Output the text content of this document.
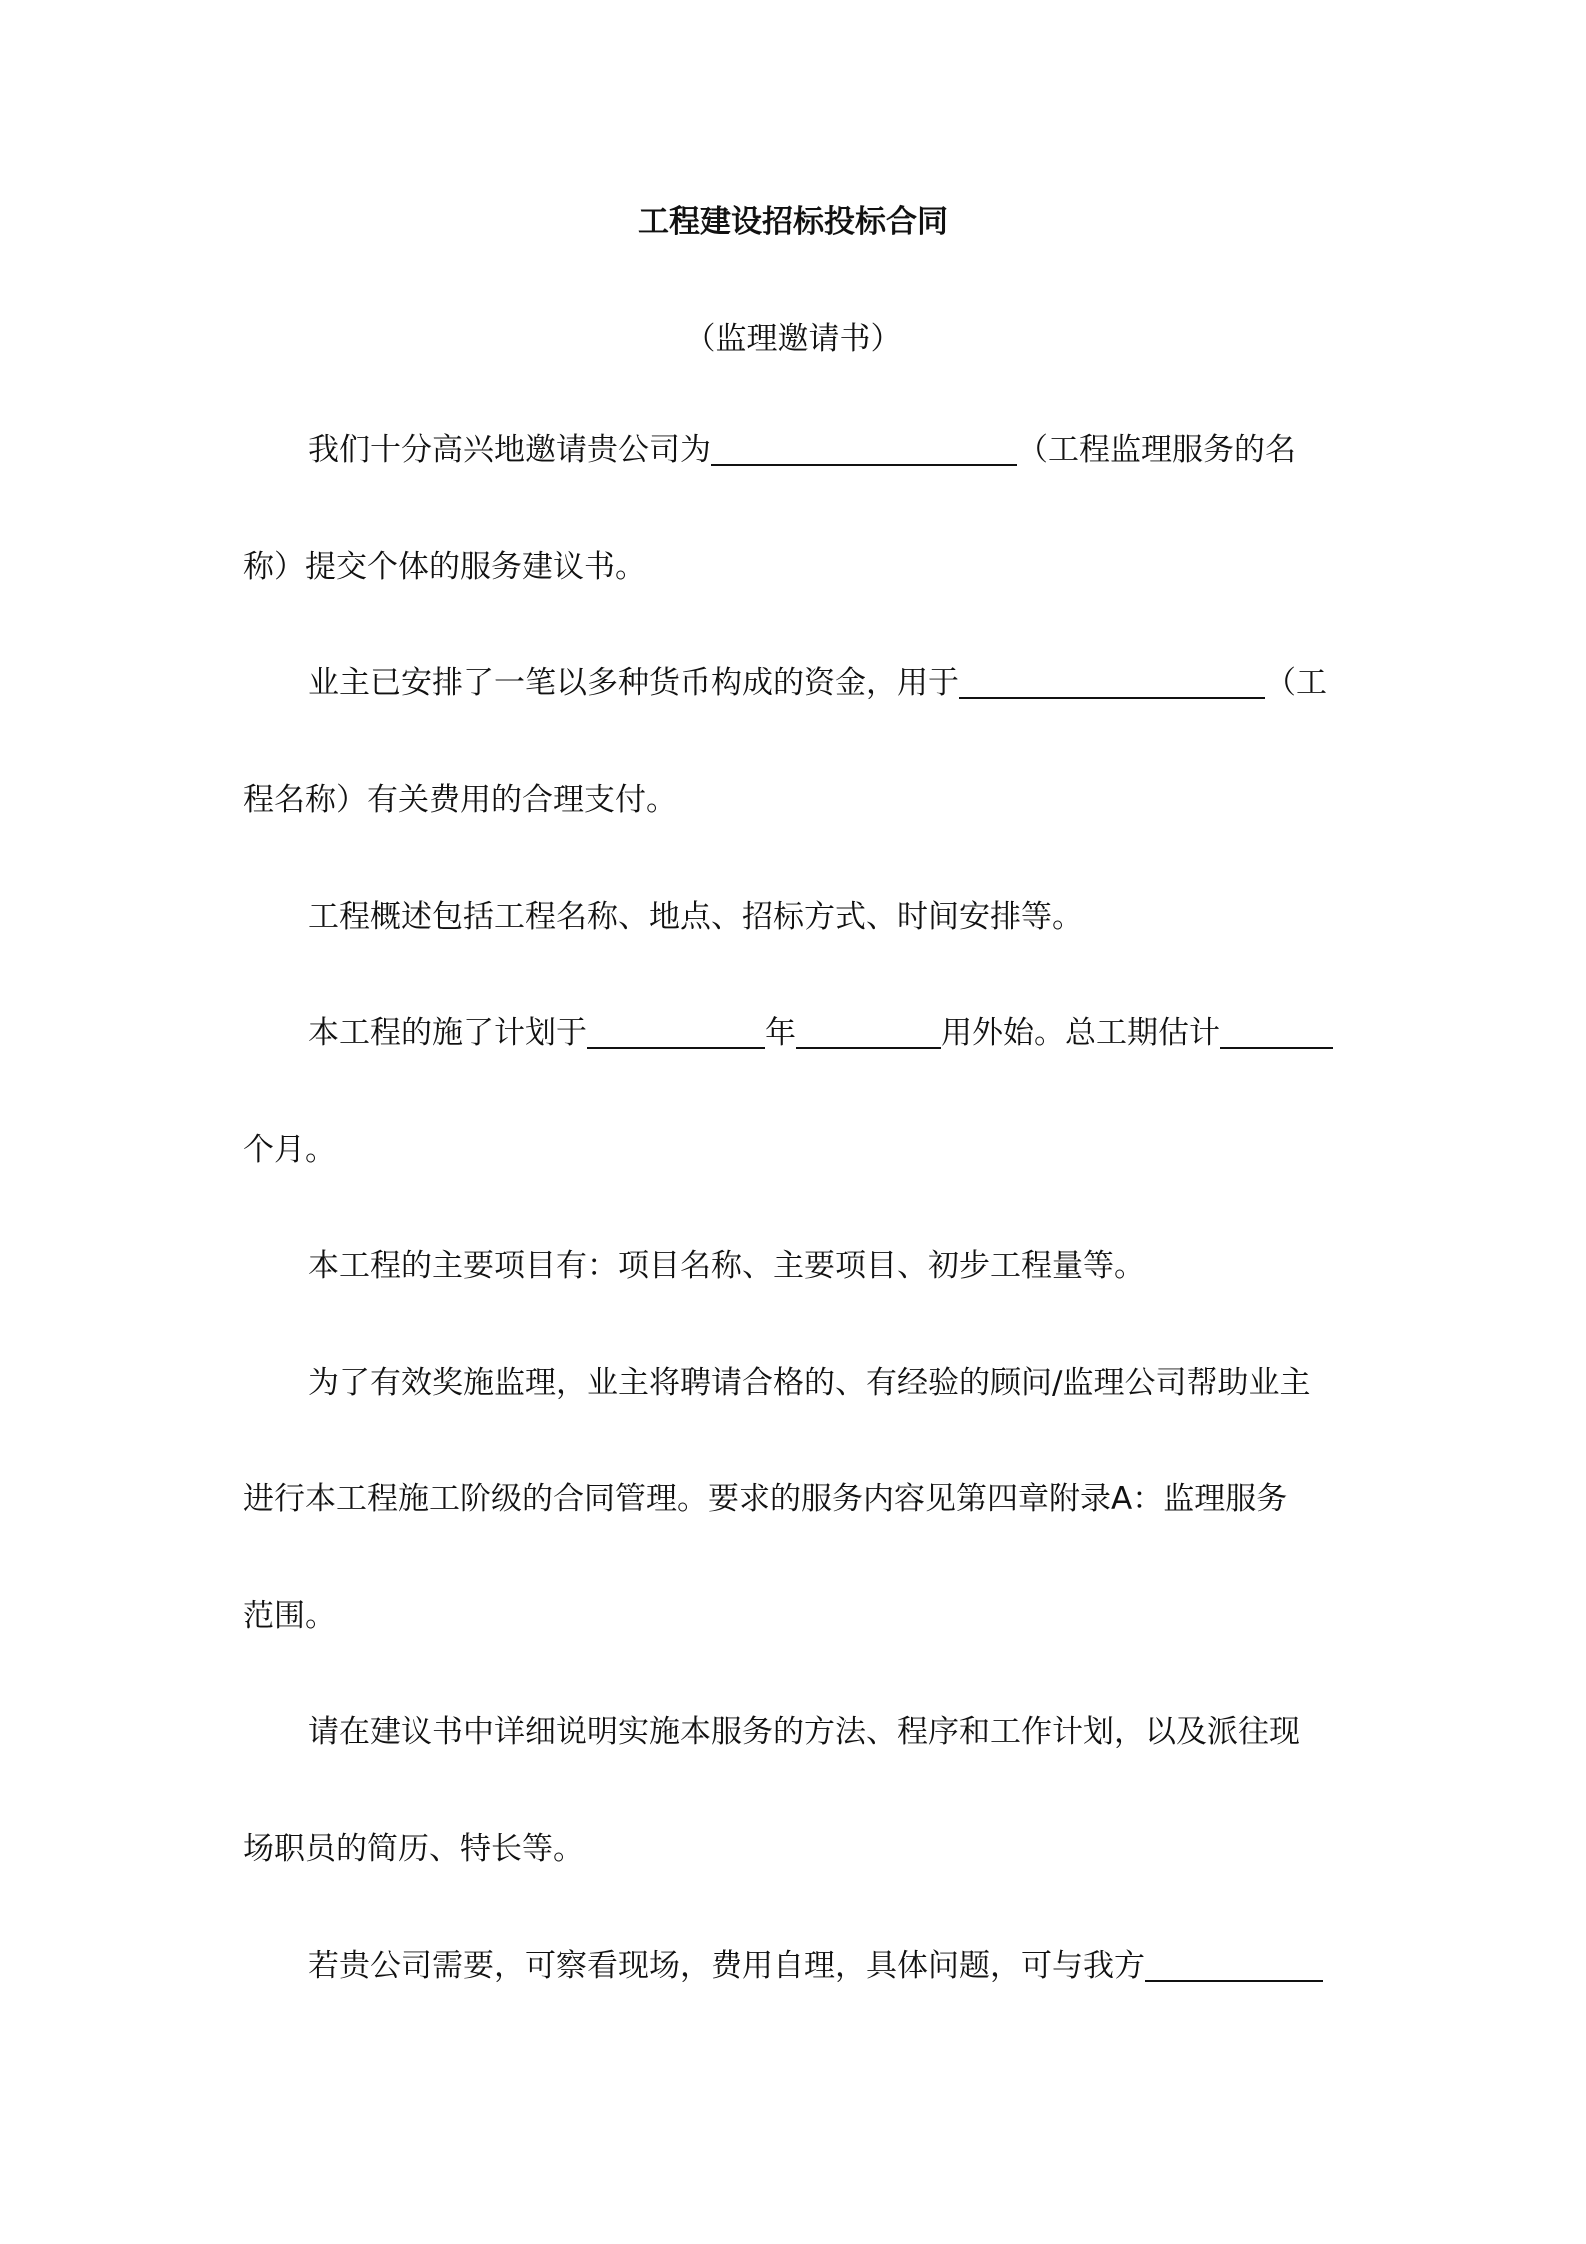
工程建设招标投标合同
（监理邀请书）
我们十分高兴地邀请贵公司为	（工程监理服务的名
称）提交个体的服务建议书。
业主已安排了一笔以多种货币构成的资金，用于	（工
程名称）有关费用的合理支付。
工程概述包括工程名称、地点、招标方式、时间安排等。
本工程的施了计划于	年	用外始。总工期估计
个月。
本工程的主要项目有：项目名称、主要项目、初步工程量等。
为了有效奖施监理，业主将聘请合格的、有经验的顾问/监理公司帮助业主
进行本工程施工阶级的合同管理。要求的服务内容见第四章附录A：监理服务
范围。
请在建议书中详细说明实施本服务的方法、程序和工作计划，以及派往现
场职员的简历、特长等。
若贵公司需要，可察看现场，费用自理，具体问题，可与我方
